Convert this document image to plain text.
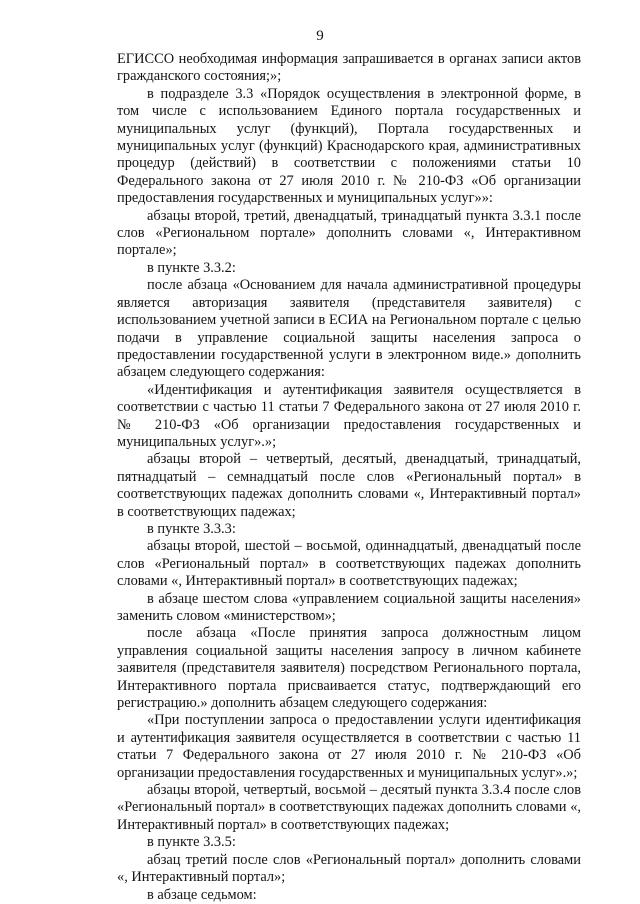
9

ЕГИССО необходимая информация запрашивается в органах записи актов гражданского состояния;»;

в подразделе 3.3 «Порядок осуществления в электронной форме, в том числе с использованием Единого портала государственных и муниципальных услуг (функций), Портала государственных и муниципальных услуг (функций) Краснодарского края, административных процедур (действий) в соответствии с положениями статьи 10 Федерального закона от 27 июля 2010 г. № 210-ФЗ «Об организации предоставления государственных и муниципальных услуг»»:

абзацы второй, третий, двенадцатый, тринадцатый пункта 3.3.1 после слов «Региональном портале» дополнить словами «, Интерактивном портале»;

в пункте 3.3.2:

после абзаца «Основанием для начала административной процедуры является авторизация заявителя (представителя заявителя) с использованием учетной записи в ЕСИА на Региональном портале с целью подачи в управление социальной защиты населения запроса о предоставлении государственной услуги в электронном виде.» дополнить абзацем следующего содержания:

«Идентификация и аутентификация заявителя осуществляется в соответствии с частью 11 статьи 7 Федерального закона от 27 июля 2010 г. № 210-ФЗ «Об организации предоставления государственных и муниципальных услуг».»;

абзацы второй – четвертый, десятый, двенадцатый, тринадцатый, пятнадцатый – семнадцатый после слов «Региональный портал» в соответствующих падежах дополнить словами «, Интерактивный портал» в соответствующих падежах;

в пункте 3.3.3:

абзацы второй, шестой – восьмой, одиннадцатый, двенадцатый после слов «Региональный портал» в соответствующих падежах дополнить словами «, Интерактивный портал» в соответствующих падежах;

в абзаце шестом слова «управлением социальной защиты населения» заменить словом «министерством»;

после абзаца «После принятия запроса должностным лицом управления социальной защиты населения запросу в личном кабинете заявителя (представителя заявителя) посредством Регионального портала, Интерактивного портала присваивается статус, подтверждающий его регистрацию.» дополнить абзацем следующего содержания:

«При поступлении запроса о предоставлении услуги идентификация и аутентификация заявителя осуществляется в соответствии с частью 11 статьи 7 Федерального закона от 27 июля 2010 г. № 210-ФЗ «Об организации предоставления государственных и муниципальных услуг».»;

абзацы второй, четвертый, восьмой – десятый пункта 3.3.4 после слов «Региональный портал» в соответствующих падежах дополнить словами «, Интерактивный портал» в соответствующих падежах;

в пункте 3.3.5:

абзац третий после слов «Региональный портал» дополнить словами «, Интерактивный портал»;

в абзаце седьмом:
